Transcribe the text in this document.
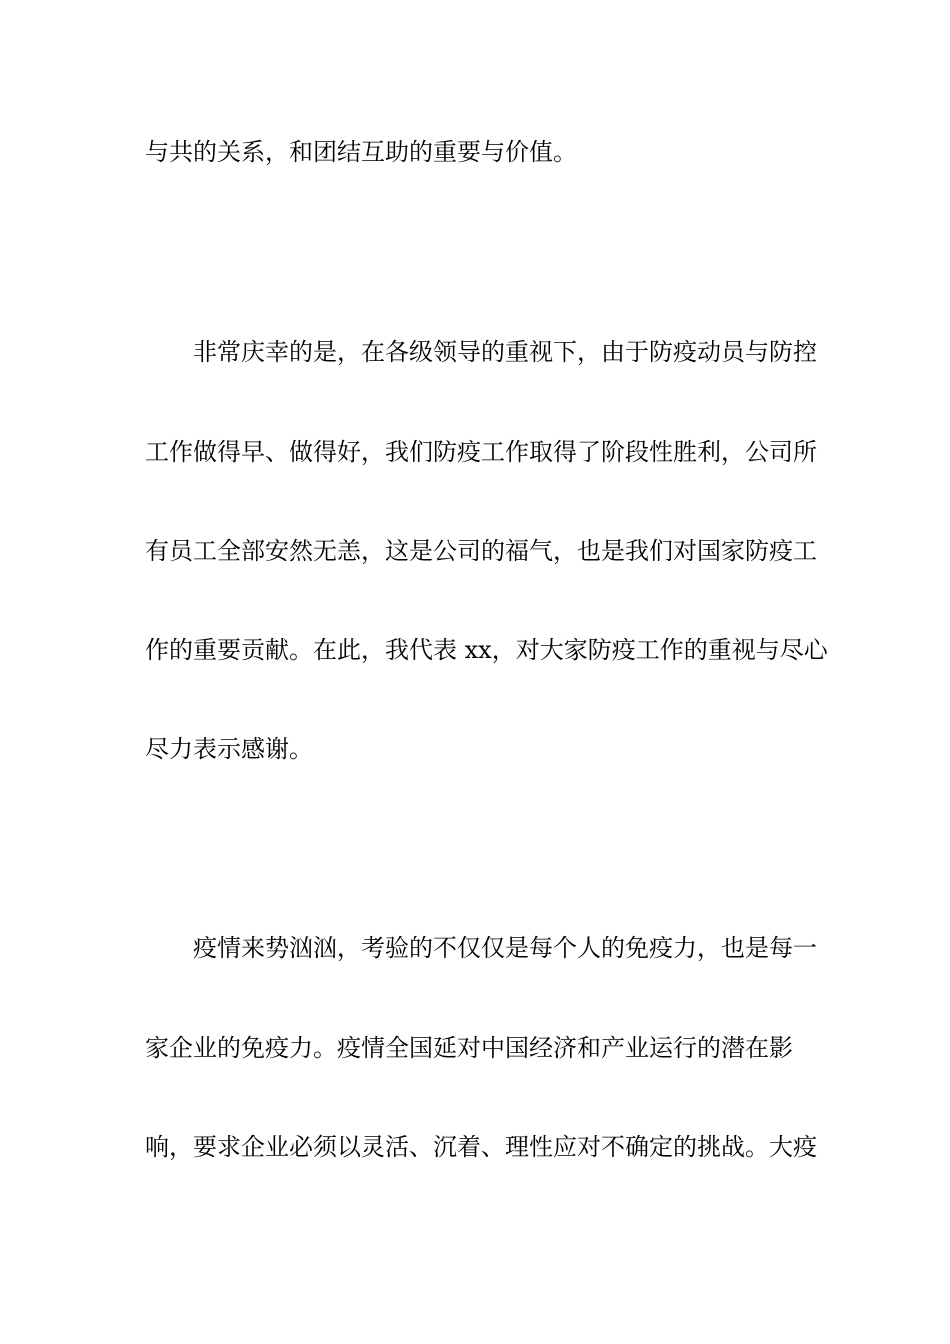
与共的关系，和团结互助的重要与价值。
非常庆幸的是，在各级领导的重视下，由于防疫动员与防控
工作做得早、做得好，我们防疫工作取得了阶段性胜利，公司所
有员工全部安然无恙，这是公司的福气，也是我们对国家防疫工
作的重要贡献。在此，我代表 xx，对大家防疫工作的重视与尽心
尽力表示感谢。
疫情来势汹汹，考验的不仅仅是每个人的免疫力，也是每一
家企业的免疫力。疫情全国延对中国经济和产业运行的潜在影
响，要求企业必须以灵活、沉着、理性应对不确定的挑战。大疫
